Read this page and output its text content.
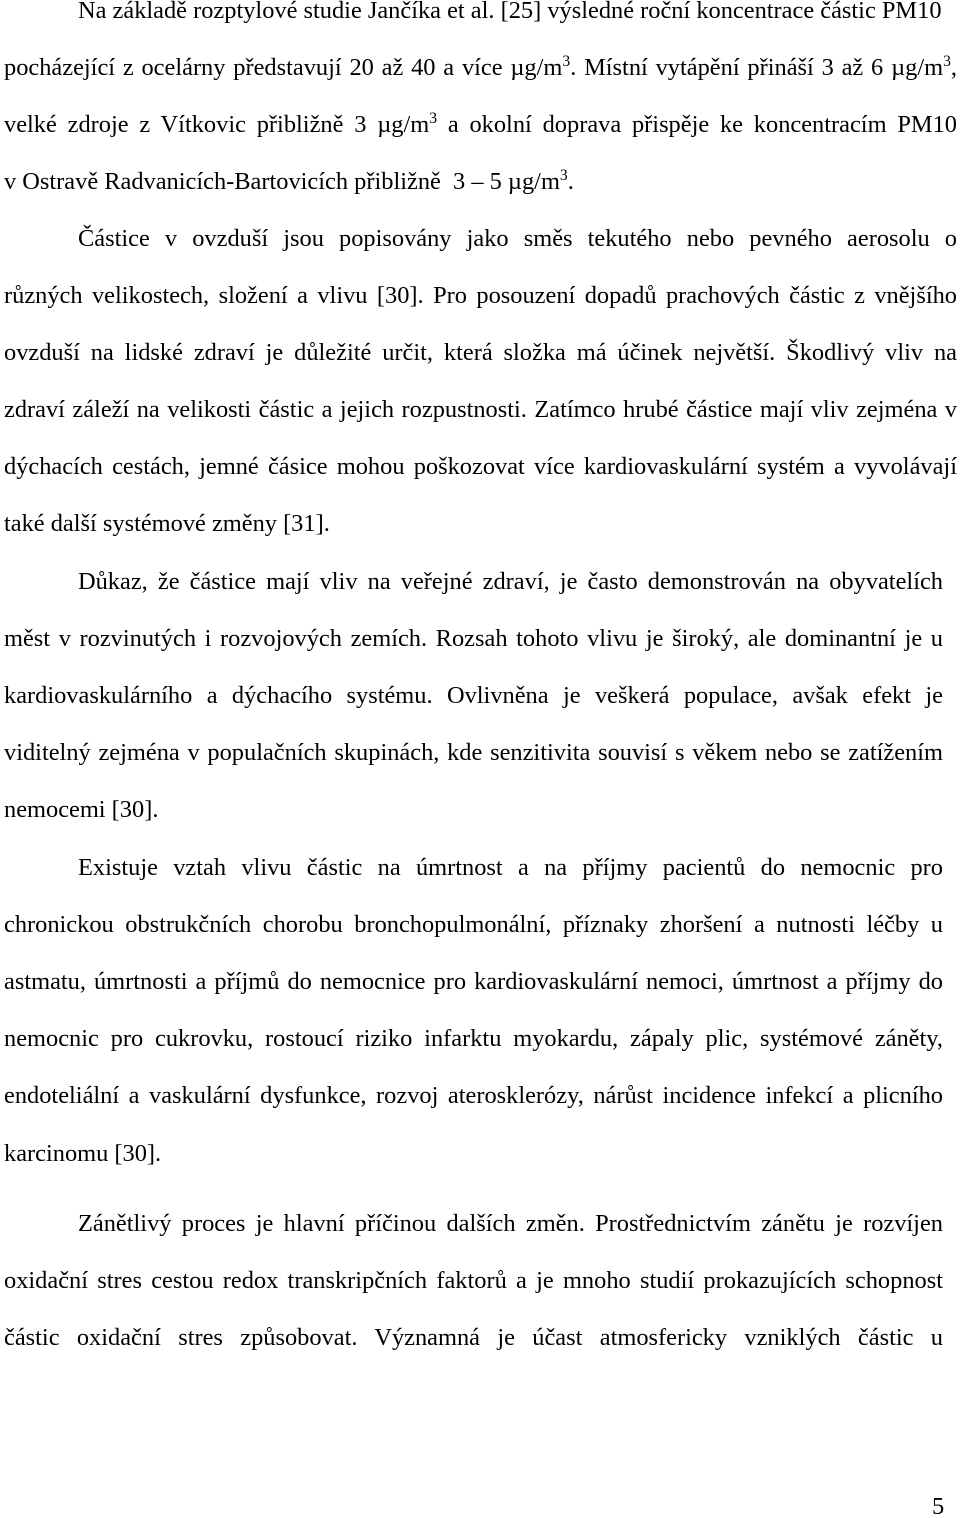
Na základě rozptylové studie Jančíka et al. [25] výsledné roční koncentrace částic PM10
pocházející z ocelárny představují 20 až 40 a více $\mu g/m^3$. Místní vytápění přináší 3 až 6 $\mu g/m^3$,
velké zdroje z Vítkovic přibližně 3 $\mu g/m^3$ a okolní doprava přispěje ke koncentracím PM10
v Ostravě Radvanicích-Bartovicích přibližně  3 – 5 $\mu g/m^3$.
Částice v ovzduší jsou popisovány jako směs tekutého nebo pevného aerosolu o
různých velikostech, složení a vlivu [30]. Pro posouzení dopadů prachových částic z vnějšího
ovzduší na lidské zdraví je důležité určit, která složka má účinek největší. Škodlivý vliv na
zdraví záleží na velikosti částic a jejich rozpustnosti. Zatímco hrubé částice mají vliv zejména v
dýchacích cestách, jemné čásice mohou poškozovat více kardiovaskulární systém a vyvolávají
také další systémové změny [31].
Důkaz, že částice mají vliv na veřejné zdraví, je často demonstrován na obyvatelích
měst v rozvinutých i rozvojových zemích. Rozsah tohoto vlivu je široký, ale dominantní je u
kardiovaskulárního a dýchacího systému. Ovlivněna je veškerá populace, avšak efekt je
viditelný zejména v populačních skupinách, kde senzitivita souvisí s věkem nebo se zatížením
nemocemi [30].
Existuje vztah vlivu částic na úmrtnost a na příjmy pacientů do nemocnic pro
chronickou obstrukčních chorobu bronchopulmonální, příznaky zhoršení a nutnosti léčby u
astmatu, úmrtnosti a příjmů do nemocnice pro kardiovaskulární nemoci, úmrtnost a příjmy do
nemocnic pro cukrovku, rostoucí riziko infarktu myokardu, zápaly plic, systémové záněty,
endoteliální a vaskulární dysfunkce, rozvoj aterosklerózy, nárůst incidence infekcí a plicního
karcinomu [30].
Zánětlivý proces je hlavní příčinou dalších změn. Prostřednictvím zánětu je rozvíjen
oxidační stres cestou redox transkripčních faktorů a je mnoho studií prokazujících schopnost
částic oxidační stres způsobovat. Významná je účast atmosfericky vzniklých částic u
5
